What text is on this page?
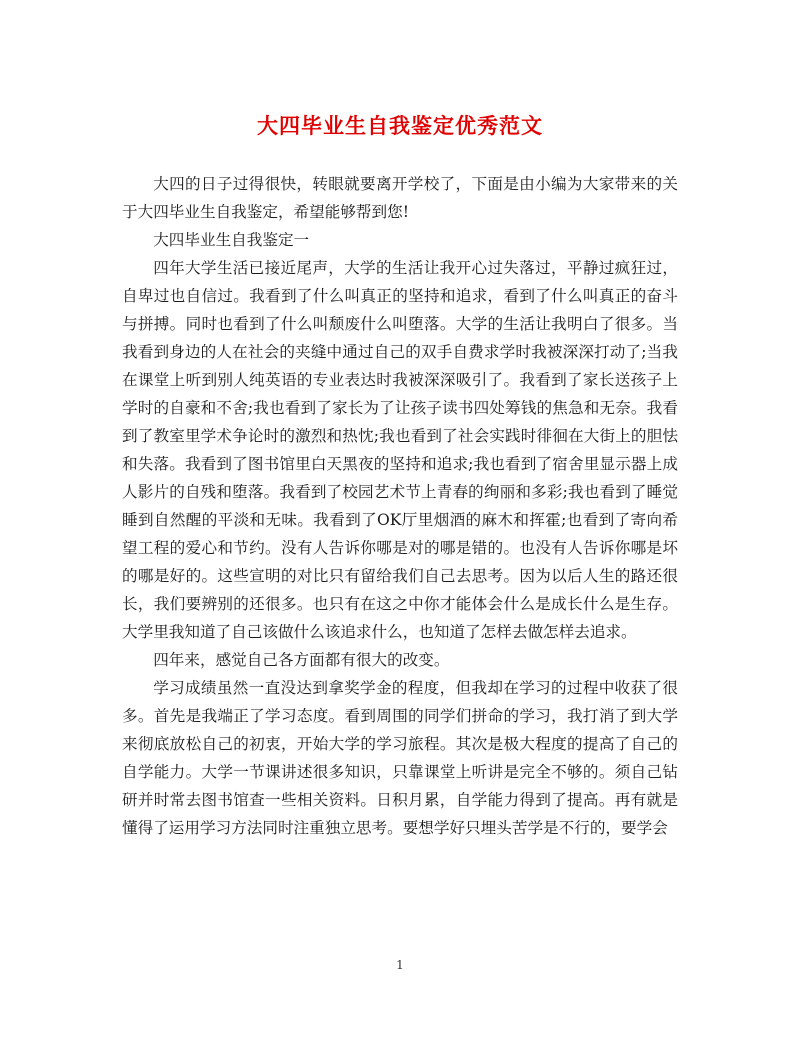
大四毕业生自我鉴定优秀范文

大四的日子过得很快，转眼就要离开学校了，下面是由小编为大家带来的关于大四毕业生自我鉴定，希望能够帮到您!

大四毕业生自我鉴定一

四年大学生活已接近尾声，大学的生活让我开心过失落过，平静过疯狂过，自卑过也自信过。我看到了什么叫真正的坚持和追求，看到了什么叫真正的奋斗与拼搏。同时也看到了什么叫颓废什么叫堕落。大学的生活让我明白了很多。当我看到身边的人在社会的夹缝中通过自己的双手自费求学时我被深深打动了;当我在课堂上听到别人纯英语的专业表达时我被深深吸引了。我看到了家长送孩子上学时的自豪和不舍;我也看到了家长为了让孩子读书四处筹钱的焦急和无奈。我看到了教室里学术争论时的激烈和热忱;我也看到了社会实践时徘徊在大街上的胆怯和失落。我看到了图书馆里白天黑夜的坚持和追求;我也看到了宿舍里显示器上成人影片的自残和堕落。我看到了校园艺术节上青春的绚丽和多彩;我也看到了睡觉睡到自然醒的平淡和无味。我看到了OK厅里烟酒的麻木和挥霍;也看到了寄向希望工程的爱心和节约。没有人告诉你哪是对的哪是错的。也没有人告诉你哪是坏的哪是好的。这些宣明的对比只有留给我们自己去思考。因为以后人生的路还很长，我们要辨别的还很多。也只有在这之中你才能体会什么是成长什么是生存。大学里我知道了自己该做什么该追求什么，也知道了怎样去做怎样去追求。

四年来，感觉自己各方面都有很大的改变。

学习成绩虽然一直没达到拿奖学金的程度，但我却在学习的过程中收获了很多。首先是我端正了学习态度。看到周围的同学们拼命的学习，我打消了到大学来彻底放松自己的初衷，开始大学的学习旅程。其次是极大程度的提高了自己的自学能力。大学一节课讲述很多知识，只靠课堂上听讲是完全不够的。须自己钻研并时常去图书馆查一些相关资料。日积月累，自学能力得到了提高。再有就是懂得了运用学习方法同时注重独立思考。要想学好只埋头苦学是不行的，要学会

1
